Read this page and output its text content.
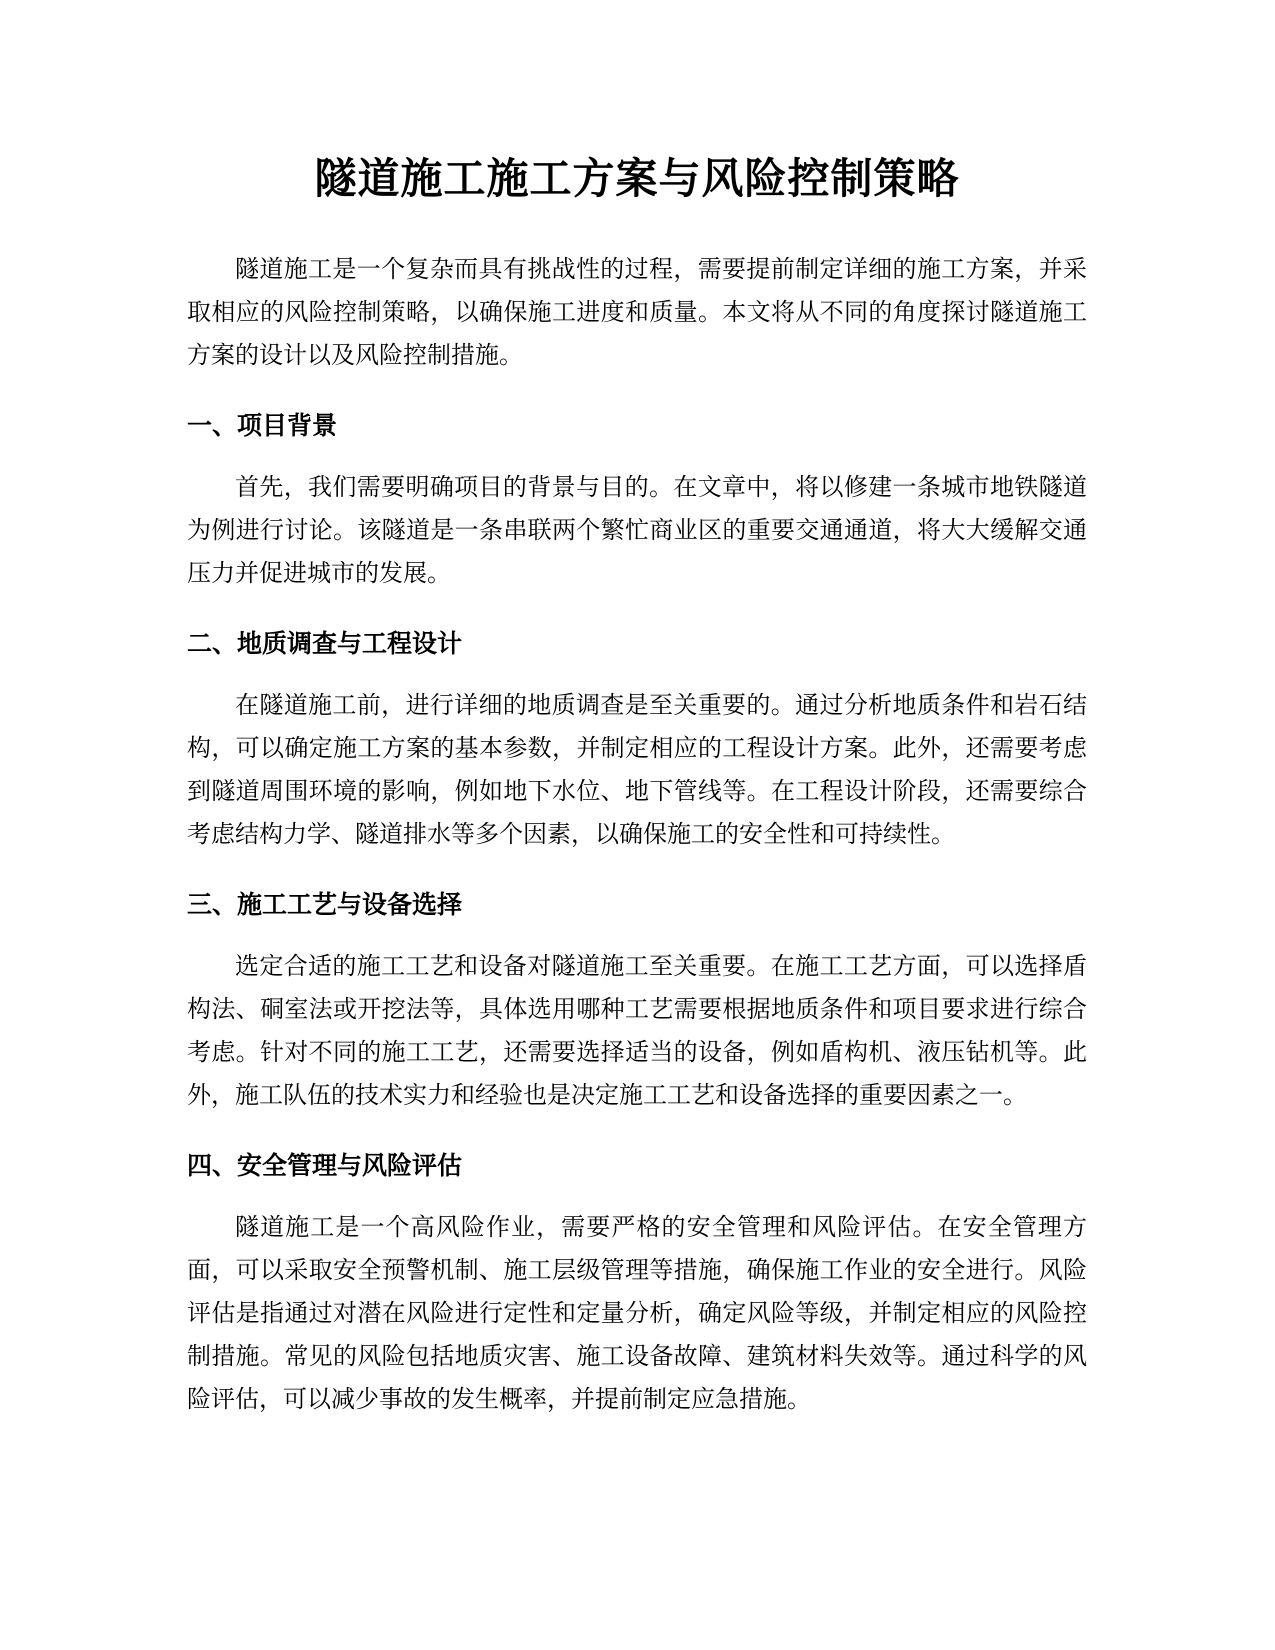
隧道施工施工方案与风险控制策略

隧道施工是一个复杂而具有挑战性的过程，需要提前制定详细的施工方案，并采取相应的风险控制策略，以确保施工进度和质量。本文将从不同的角度探讨隧道施工方案的设计以及风险控制措施。

一、项目背景

首先，我们需要明确项目的背景与目的。在文章中，将以修建一条城市地铁隧道为例进行讨论。该隧道是一条串联两个繁忙商业区的重要交通通道，将大大缓解交通压力并促进城市的发展。

二、地质调查与工程设计

在隧道施工前，进行详细的地质调查是至关重要的。通过分析地质条件和岩石结构，可以确定施工方案的基本参数，并制定相应的工程设计方案。此外，还需要考虑到隧道周围环境的影响，例如地下水位、地下管线等。在工程设计阶段，还需要综合考虑结构力学、隧道排水等多个因素，以确保施工的安全性和可持续性。

三、施工工艺与设备选择

选定合适的施工工艺和设备对隧道施工至关重要。在施工工艺方面，可以选择盾构法、硐室法或开挖法等，具体选用哪种工艺需要根据地质条件和项目要求进行综合考虑。针对不同的施工工艺，还需要选择适当的设备，例如盾构机、液压钻机等。此外，施工队伍的技术实力和经验也是决定施工工艺和设备选择的重要因素之一。

四、安全管理与风险评估

隧道施工是一个高风险作业，需要严格的安全管理和风险评估。在安全管理方面，可以采取安全预警机制、施工层级管理等措施，确保施工作业的安全进行。风险评估是指通过对潜在风险进行定性和定量分析，确定风险等级，并制定相应的风险控制措施。常见的风险包括地质灾害、施工设备故障、建筑材料失效等。通过科学的风险评估，可以减少事故的发生概率，并提前制定应急措施。
